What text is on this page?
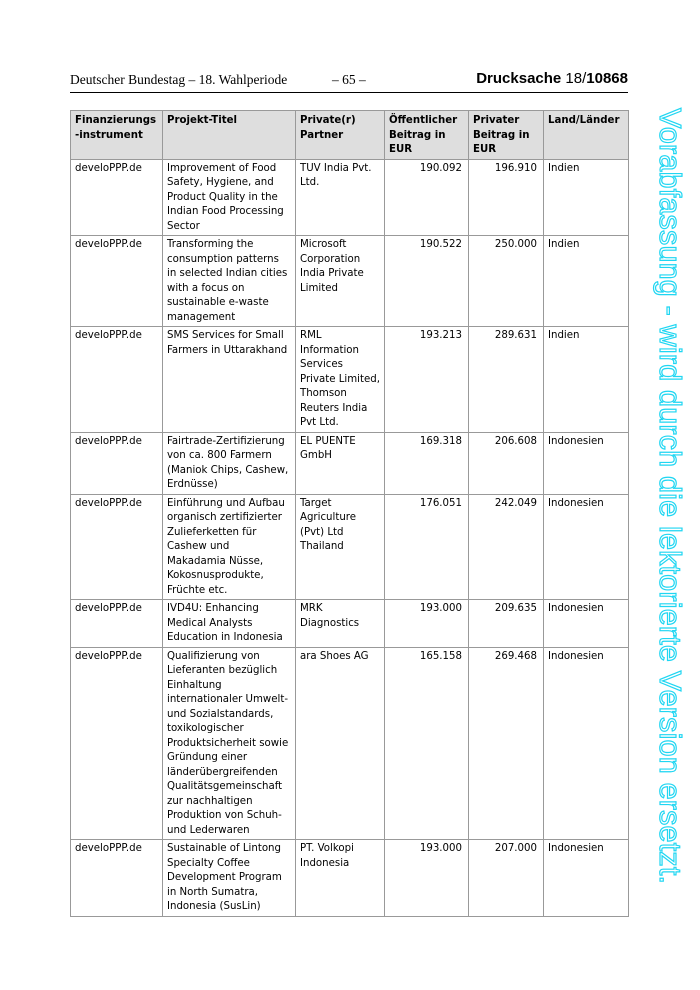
Deutscher Bundestag – 18. Wahlperiode	– 65 –	Drucksache 18/10868
Finanzierungs-instrument	Projekt-Titel	Private(r) Partner	Öffentlicher Beitrag in EUR	Privater Beitrag in EUR	Land/Länder
develoPPP.de	Improvement of Food Safety, Hygiene, and Product Quality in the Indian Food Processing Sector	TUV India Pvt. Ltd.	190.092	196.910	Indien
develoPPP.de	Transforming the consumption patterns in selected Indian cities with a focus on sustainable e-waste management	Microsoft Corporation India Private Limited	190.522	250.000	Indien
develoPPP.de	SMS Services for Small Farmers in Uttarakhand	RML Information Services Private Limited, Thomson Reuters India Pvt Ltd.	193.213	289.631	Indien
develoPPP.de	Fairtrade-Zertifizierung von ca. 800 Farmern (Maniok Chips, Cashew, Erdnüsse)	EL PUENTE GmbH	169.318	206.608	Indonesien
develoPPP.de	Einführung und Aufbau organisch zertifizierter Zulieferketten für Cashew und Makadamia Nüsse, Kokosnusprodukte, Früchte etc.	Target Agriculture (Pvt) Ltd Thailand	176.051	242.049	Indonesien
develoPPP.de	IVD4U: Enhancing Medical Analysts Education in Indonesia	MRK Diagnostics	193.000	209.635	Indonesien
develoPPP.de	Qualifizierung von Lieferanten bezüglich Einhaltung internationaler Umwelt- und Sozialstandards, toxikologischer Produktsicherheit sowie Gründung einer länderübergreifenden Qualitätsgemeinschaft zur nachhaltigen Produktion von Schuh- und Lederwaren	ara Shoes AG	165.158	269.468	Indonesien
develoPPP.de	Sustainable of Lintong Specialty Coffee Development Program in North Sumatra, Indonesia (SusLin)	PT. Volkopi Indonesia	193.000	207.000	Indonesien Vorabfassung - wird durch die lektorierte Version ersetzt.
